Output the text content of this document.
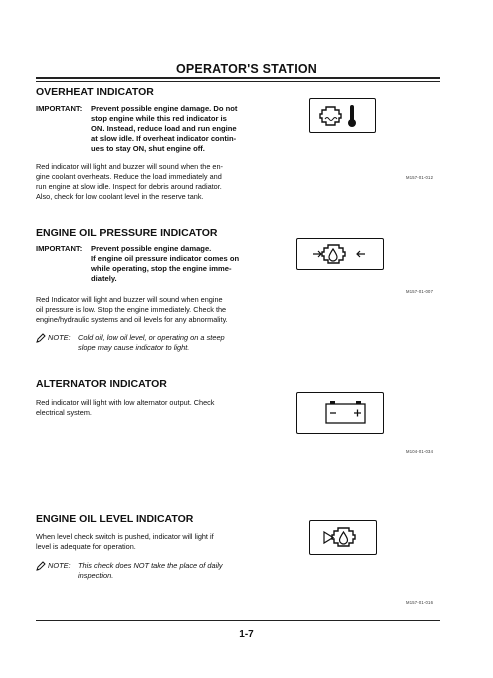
OPERATOR'S STATION
OVERHEAT INDICATOR
IMPORTANT: Prevent possible engine damage. Do not
stop engine while this red indicator is
ON. Instead, reduce load and run engine
at slow idle. If overheat indicator contin-
ues to stay ON, shut engine off.
Red indicator will light and buzzer will sound when the en-
gine coolant overheats. Reduce the load immediately and
run engine at slow idle. Inspect for debris around radiator.
Also, check for low coolant level in the reserve tank.
M157-01-012
ENGINE OIL PRESSURE INDICATOR
IMPORTANT: Prevent possible engine damage.
If engine oil pressure indicator comes on
while operating, stop the engine imme-
diately.
Red Indicator will light and buzzer will sound when engine
oil pressure is low. Stop the engine immediately. Check the
engine/hydraulic systems and oil levels for any abnormality.
NOTE: Cold oil, low oil level, or operating on a steep
slope may cause indicator to light.
M157-01-007
ALTERNATOR INDICATOR
Red indicator will light with low alternator output. Check
electrical system.
M104-01-034
ENGINE OIL LEVEL INDICATOR
When level check switch is pushed, indicator will light if
level is adequate for operation.
NOTE: This check does NOT take the place of daily
inspection.
M157-01-016
1-7
